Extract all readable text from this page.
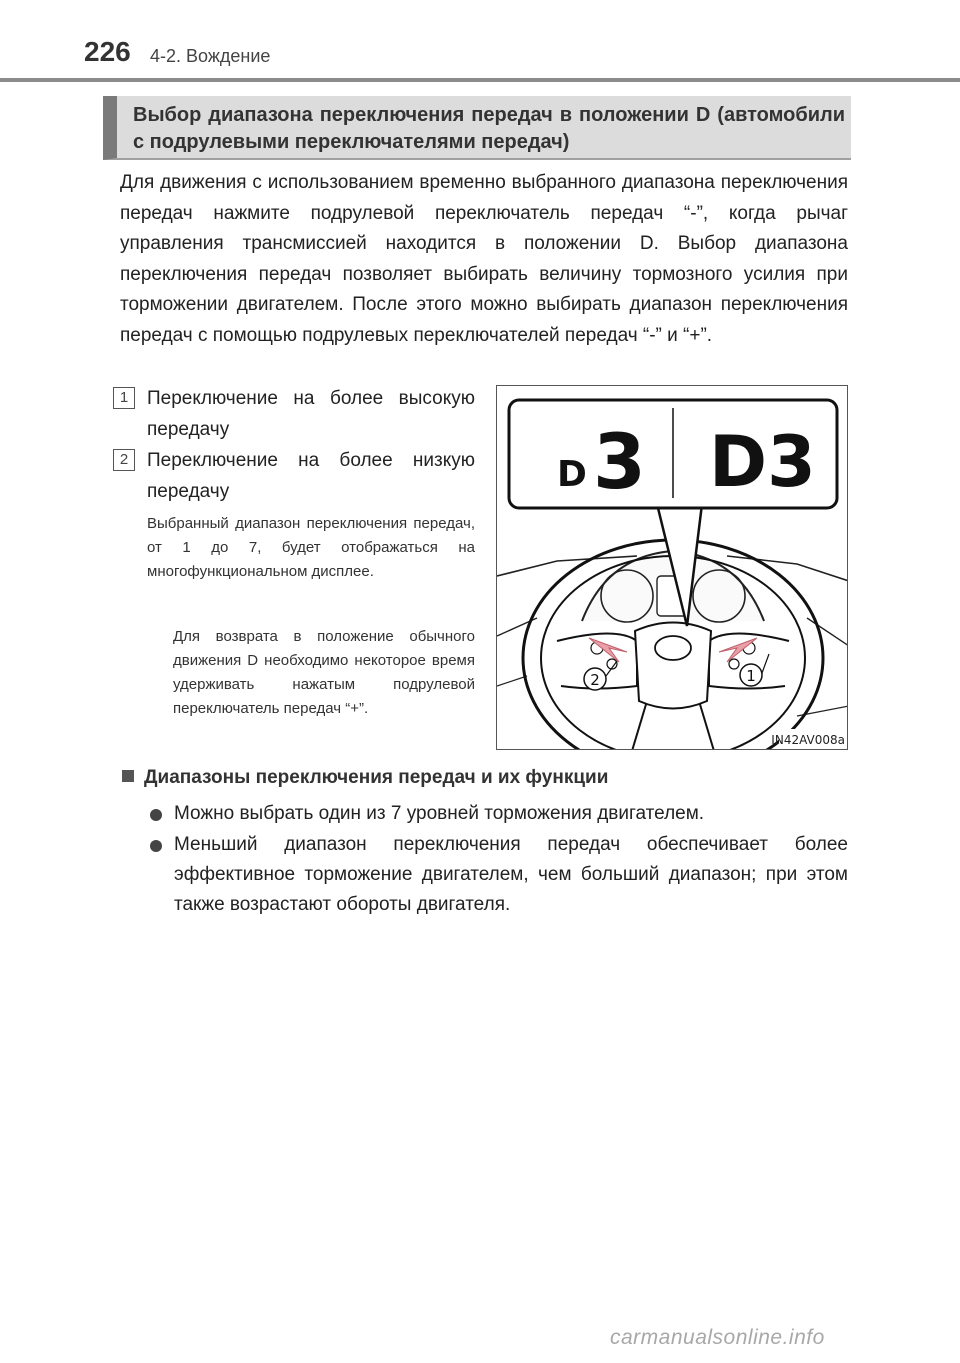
226 4-2. Вождение
Выбор диапазона переключения передач в положении D (автомобили с подрулевыми переключателями передач)
Для движения с использованием временно выбранного диапазона переключения передач нажмите подрулевой переключатель передач “-”, когда рычаг управления трансмиссией находится в положении D. Выбор диапазона переключения передач позволяет выбирать величину тормозного усилия при торможении двигателем. После этого можно выбирать диапазон переключения передач с помощью подрулевых переключателей передач “-” и “+”.
1 Переключение на более высокую передачу
2 Переключение на более низкую передачу
Выбранный диапазон переключения передач, от 1 до 7, будет отображаться на многофункциональном дисплее.
Для возврата в положение обычного движения D необходимо некоторое время удерживать нажатым подрулевой переключатель передач “+”.
D 3 D3
1
2
IN42AV008a
Диапазоны переключения передач и их функции
Можно выбрать один из 7 уровней торможения двигателем.
Меньший диапазон переключения передач обеспечивает более эффективное торможение двигателем, чем больший диапазон; при этом также возрастают обороты двигателя.
carmanualsonline.info
